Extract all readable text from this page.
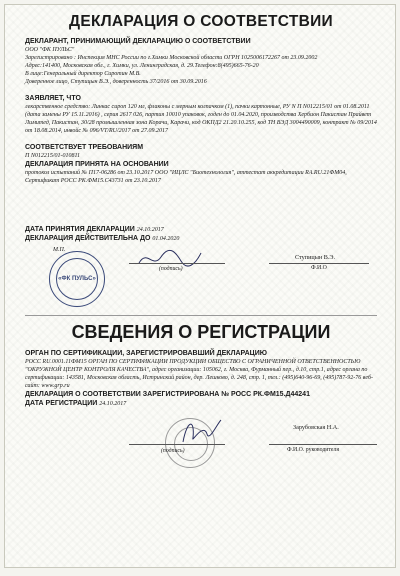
ДЕКЛАРАЦИЯ О СООТВЕТСТВИИ
ДЕКЛАРАНТ, ПРИНИМАЮЩИЙ ДЕКЛАРАЦИЮ О СООТВЕТСТВИИ
ООО "ФК ПУЛЬС"
Зарегистрировано : Инспекция МНС России по г.Химки Московской области ОГРН 1025006172267 от 23.09.2002
Адрес:141400, Московская обл., г. Химки, ул. Ленинградская, д. 29.Телефон:8(495)665-76-20
В лице:Генеральный директор Сиротин М.В.
Доверенное лицо, Ступицын В.Э., доверенность 37/2016 от 30.09.2016
ЗАЯВЛЯЕТ, ЧТО
лекарственное средство: Линкас сироп 120 мл, флаконы с мерным колпачком (1), пачки картонные, РУ N П N012215/01 от 01.08.2011 (дата замены РУ 15.11.2016) , серия 2617 026, партия 10010 упаковок, годен до 01.04.2020, производства Хербион Пакистан Прайвет Лимитед, Пакистан, 30/28 промышленная зона Корачи, Карачи, код ОКПД2 21.20.10.255, код ТН ВЭД 3004490009, контракт № 09/2014 от 18.08.2014, инвойс № 096/VT/RU/2017 от 27.09.2017
СООТВЕТСТВУЕТ ТРЕБОВАНИЯМ
П N012215/01-010811
ДЕКЛАРАЦИЯ ПРИНЯТА НА ОСНОВАНИИ
протокол испытаний № П17-06286 от 23.10.2017 ООО "ИЦЛС "Биотехнология", аттестат аккредитации RA.RU.21ФМ04, Сертификат РОСС РК.ФМ15.С43731 от 23.10.2017
ДАТА ПРИНЯТИЯ ДЕКЛАРАЦИИ 24.10.2017
ДЕКЛАРАЦИЯ ДЕЙСТВИТЕЛЬНА ДО 01.04.2020
М.П.
«ФК ПУЛЬС»
(подпись)
Ступицын В.Э.
Ф.И.О
СВЕДЕНИЯ О РЕГИСТРАЦИИ
ОРГАН ПО СЕРТИФИКАЦИИ, ЗАРЕГИСТРИРОВАВШИЙ ДЕКЛАРАЦИЮ
РОСС RU.0001.11ФМ15 ОРГАН ПО СЕРТИФИКАЦИИ ПРОДУКЦИИ ОБЩЕСТВО С ОГРАНИЧЕННОЙ ОТВЕТСТВЕННОСТЬЮ "ОКРУЖНОЙ ЦЕНТР КОНТРОЛЯ КАЧЕСТВА", адрес организации: 105062, г. Москва, Фурманный пер., д.10, стр.1, адрес органа по сертификации: 143581, Московская область, Истринский район, дер. Лешково, д. 248, стр. 1, тел.: (495)640-96-69, (495)787-92-76 веб-сайт: www.grp.ru
ДЕКЛАРАЦИЯ О СООТВЕТСТВИИ ЗАРЕГИСТРИРОВАНА № РОСС РК.ФМ15.Д44241
ДАТА РЕГИСТРАЦИИ 24.10.2017
(подпись)
Зарубовская Н.А.
Ф.И.О. руководителя
